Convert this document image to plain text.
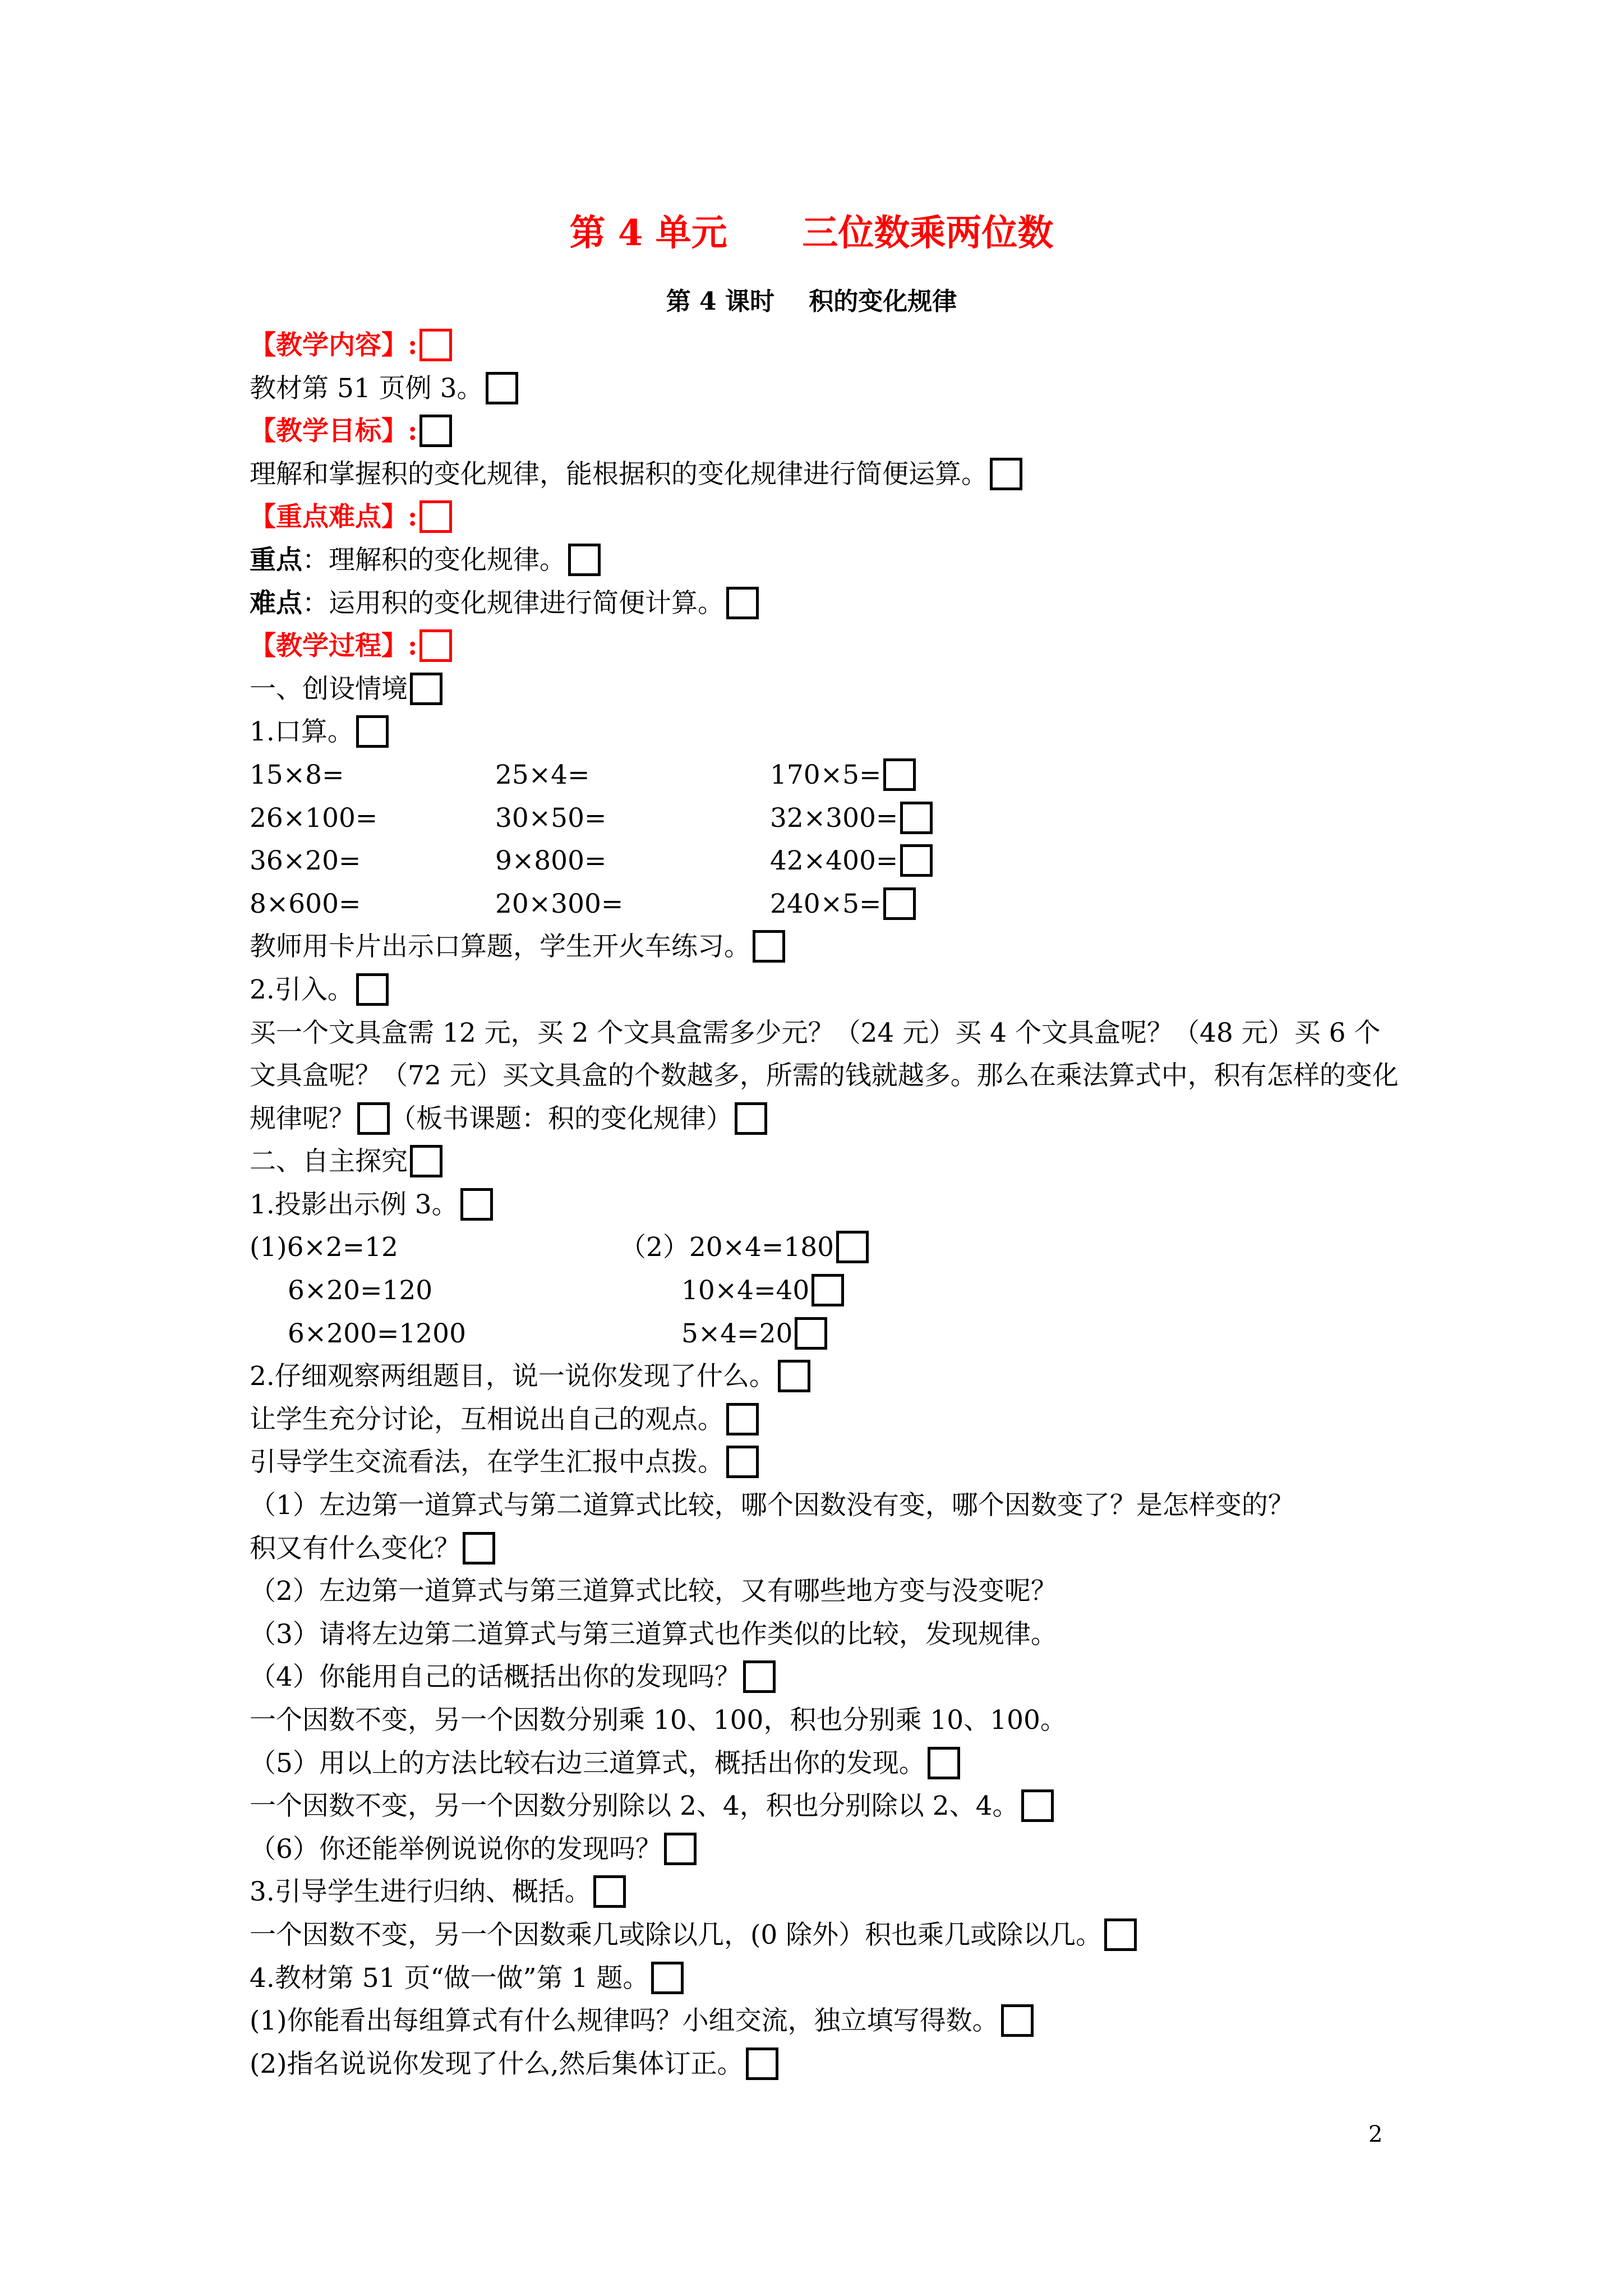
第 4 单元      三位数乘两位数
第 4 课时    积的变化规律
【教学内容】:
教材第 51 页例 3。
【教学目标】:
理解和掌握积的变化规律，能根据积的变化规律进行简便运算。
【重点难点】:
重点：理解积的变化规律。
难点：运用积的变化规律进行简便计算。
【教学过程】:
一、创设情境
1.口算。
15×8=	25×4=	170×5=
26×100=	30×50=	32×300=
36×20=	9×800=	42×400=
8×600=	20×300=	240×5=
教师用卡片出示口算题，学生开火车练习。
2.引入。
买一个文具盒需 12 元，买 2 个文具盒需多少元？（24 元）买 4 个文具盒呢？（48 元）买 6 个文具盒呢？（72 元）买文具盒的个数越多，所需的钱就越多。那么在乘法算式中，积有怎样的变化规律呢？ （板书课题：积的变化规律）
二、自主探究
1.投影出示例 3。
(1)6×2=12	（2）20×4=180
6×20=120	10×4=40
6×200=1200	5×4=20
2.仔细观察两组题目，说一说你发现了什么。
让学生充分讨论，互相说出自己的观点。
引导学生交流看法，在学生汇报中点拨。
（1）左边第一道算式与第二道算式比较，哪个因数没有变，哪个因数变了？是怎样变的？
积又有什么变化？
（2）左边第一道算式与第三道算式比较，又有哪些地方变与没变呢？
（3）请将左边第二道算式与第三道算式也作类似的比较，发现规律。
（4）你能用自己的话概括出你的发现吗？
一个因数不变，另一个因数分别乘 10、100，积也分别乘 10、100。
（5）用以上的方法比较右边三道算式，概括出你的发现。
一个因数不变，另一个因数分别除以 2、4，积也分别除以 2、4。
（6）你还能举例说说你的发现吗？
3.引导学生进行归纳、概括。
一个因数不变，另一个因数乘几或除以几，(0 除外）积也乘几或除以几。
4.教材第 51 页“做一做”第 1 题。
(1)你能看出每组算式有什么规律吗？小组交流，独立填写得数。
(2)指名说说你发现了什么,然后集体订正。
2
